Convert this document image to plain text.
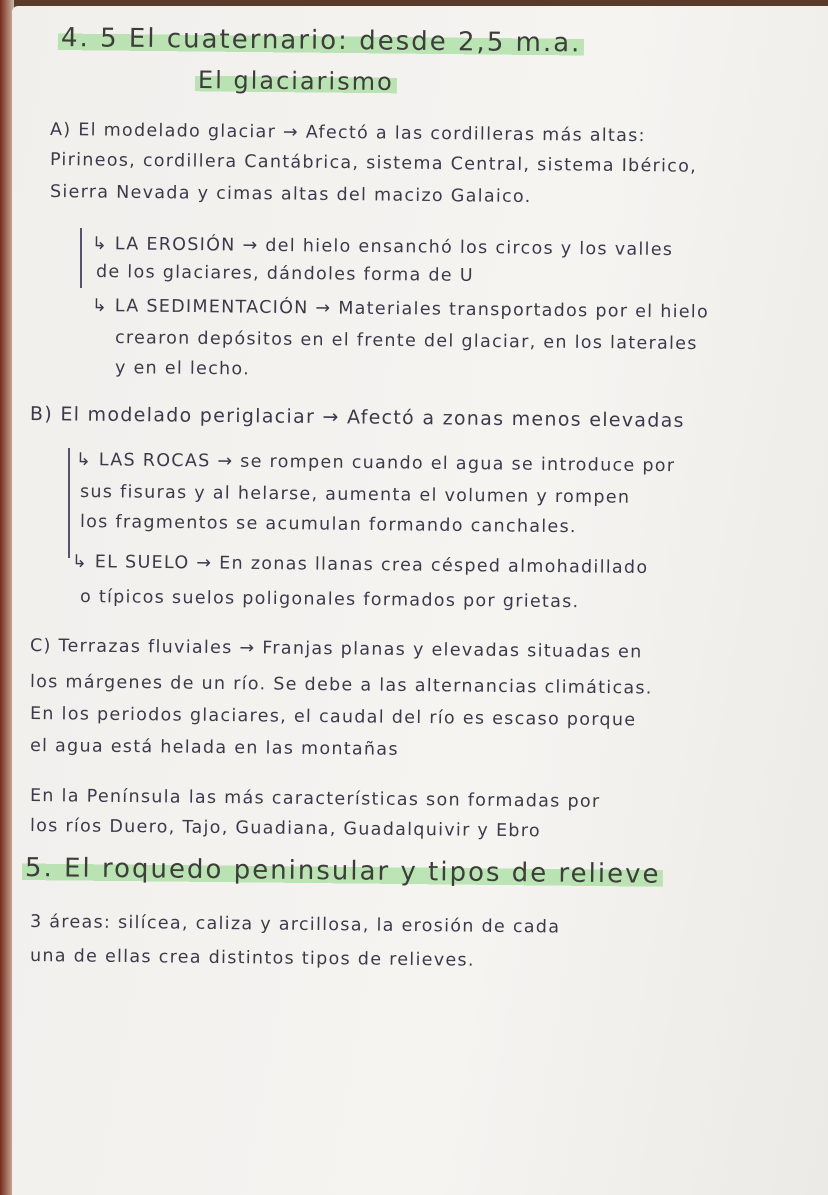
4. 5 El cuaternario: desde 2,5 m.a.
El glaciarismo
A) El modelado glaciar → Afectó a las cordilleras más altas:
Pirineos, cordillera Cantábrica, sistema Central, sistema Ibérico,
Sierra Nevada y cimas altas del macizo Galaico.
↳ LA EROSIÓN → del hielo ensanchó los circos y los valles
de los glaciares, dándoles forma de U
↳ LA SEDIMENTACIÓN → Materiales transportados por el hielo
crearon depósitos en el frente del glaciar, en los laterales
y en el lecho.
B) El modelado periglaciar → Afectó a zonas menos elevadas
↳ LAS ROCAS → se rompen cuando el agua se introduce por
sus fisuras y al helarse, aumenta el volumen y rompen
los fragmentos se acumulan formando canchales.
↳ EL SUELO → En zonas llanas crea césped almohadillado
o típicos suelos poligonales formados por grietas.
C) Terrazas fluviales → Franjas planas y elevadas situadas en
los márgenes de un río. Se debe a las alternancias climáticas.
En los periodos glaciares, el caudal del río es escaso porque
el agua está helada en las montañas
En la Península las más características son formadas por
los ríos Duero, Tajo, Guadiana, Guadalquivir y Ebro
5. El roquedo peninsular y tipos de relieve
3 áreas: silícea, caliza y arcillosa, la erosión de cada
una de ellas crea distintos tipos de relieves.
